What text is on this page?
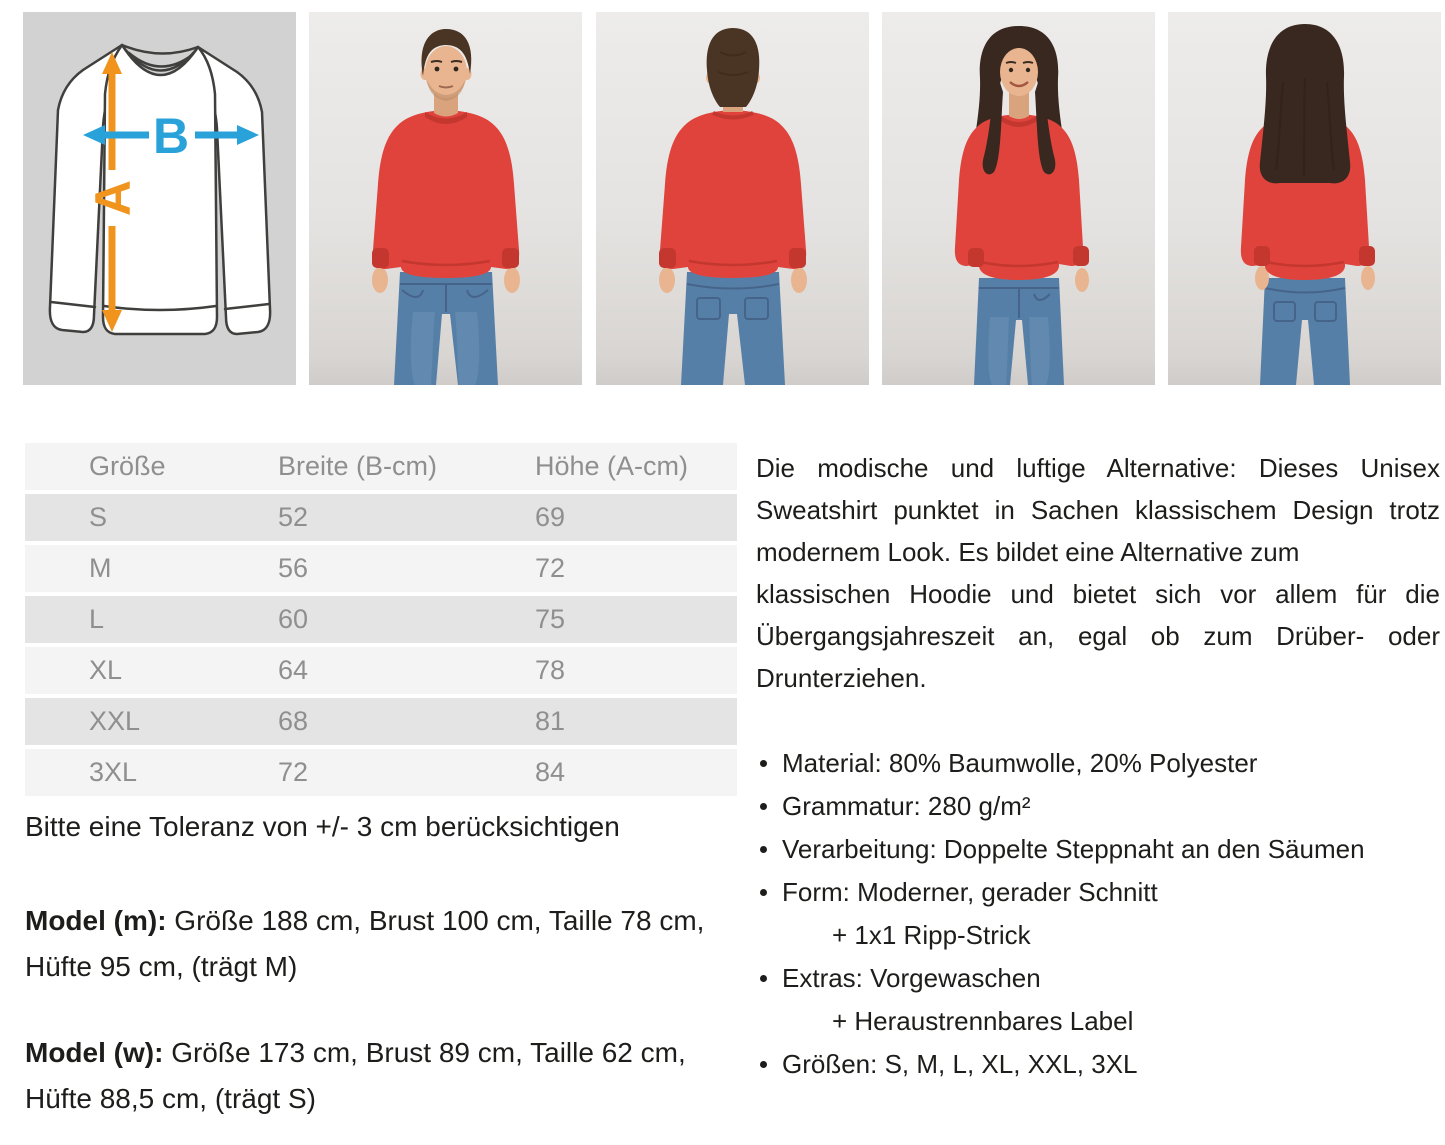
A
B
Größe	Breite (B-cm)	Höhe (A-cm)
S	52	69
M	56	72
L	60	75
XL	64	78
XXL	68	81
3XL	72	84
Bitte eine Toleranz von +/- 3 cm berücksichtigen
Model (m): Größe 188 cm, Brust 100 cm, Taille 78 cm,
Hüfte 95 cm, (trägt M)
Model (w): Größe 173 cm, Brust 89 cm, Taille 62 cm,
Hüfte 88,5 cm, (trägt S)
Die modische und luftige Alternative: Dieses Unisex
Sweatshirt punktet in Sachen klassischem Design trotz
modernem Look. Es bildet eine Alternative zum
klassischen Hoodie und bietet sich vor allem für die
Übergangsjahreszeit an, egal ob zum Drüber- oder
Drunterziehen.
Material: 80% Baumwolle, 20% Polyester
Grammatur: 280 g/m²
Verarbeitung: Doppelte Steppnaht an den Säumen
Form: Moderner, gerader Schnitt
+ 1x1 Ripp-Strick
Extras: Vorgewaschen
+ Heraustrennbares Label
Größen: S, M, L, XL, XXL, 3XL
